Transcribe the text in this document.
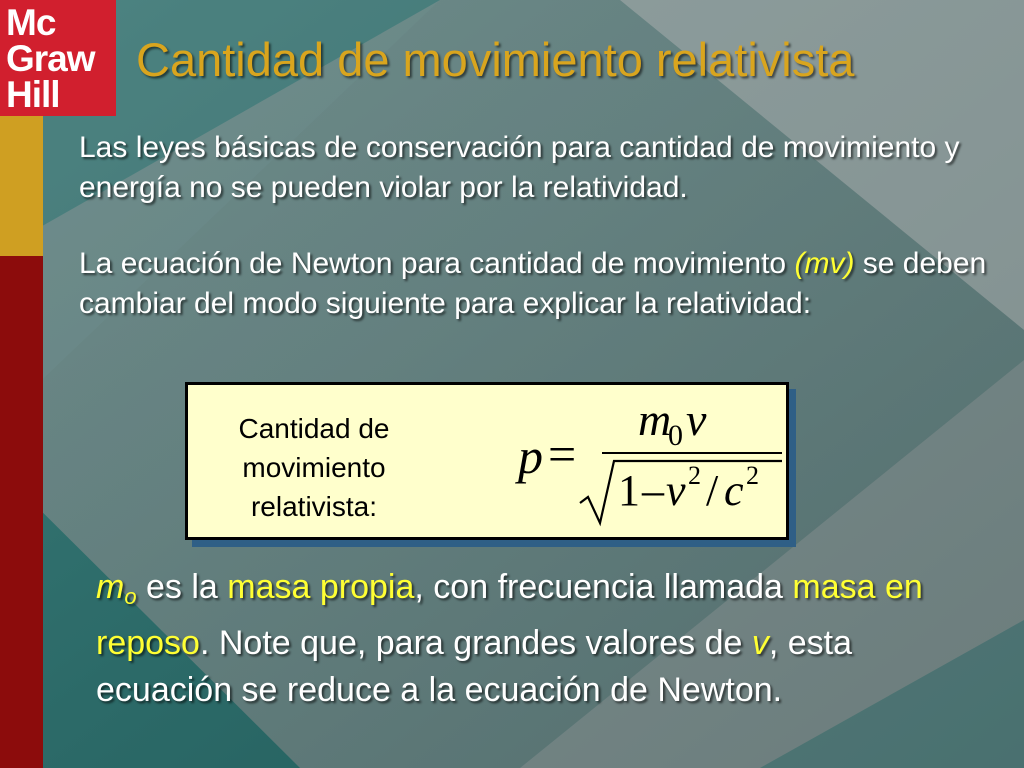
Mc
Graw
Hill
Cantidad de movimiento relativista

Las leyes básicas de conservación para cantidad de movimiento y energía no se pueden violar por la relatividad.

La ecuación de Newton para cantidad de movimiento (mv) se deben cambiar del modo siguiente para explicar la relatividad:

Cantidad de movimiento relativista:
p =
m
0 v
1 – v 2 / c 2

$m_o$ es la masa propia, con frecuencia llamada masa en reposo. Note que, para grandes valores de v, esta ecuación se reduce a la ecuación de Newton.
